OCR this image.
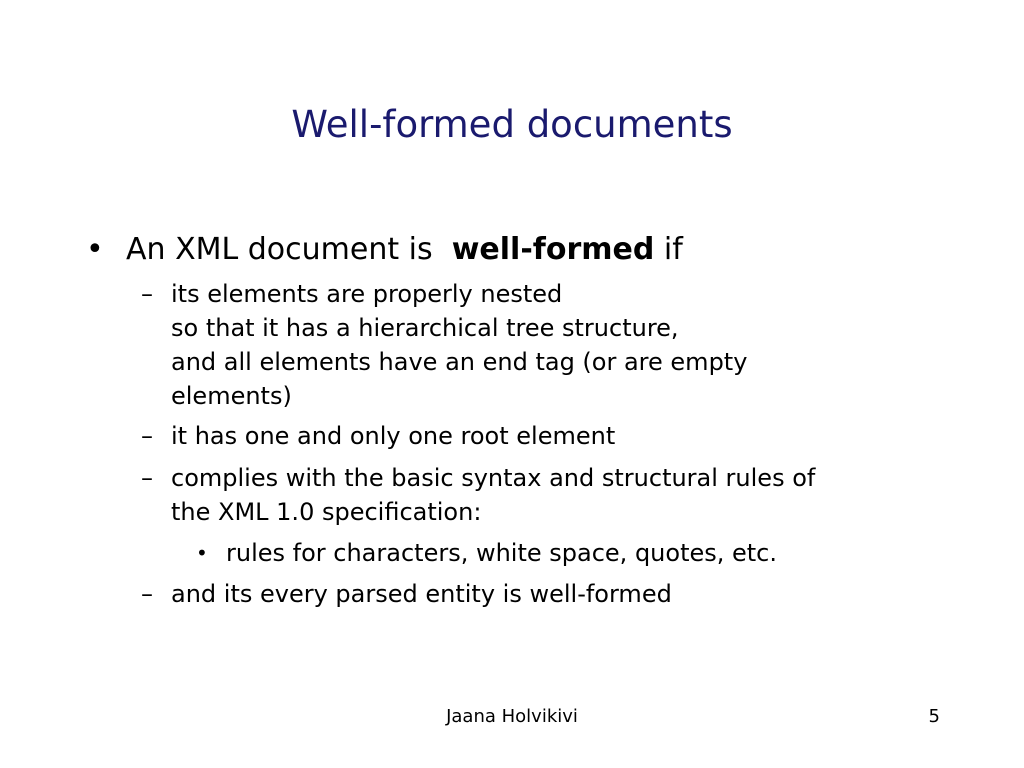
Well-formed documents
• An XML document is well-formed if
– its elements are properly nested
so that it has a hierarchical tree structure,
and all elements have an end tag (or are empty
elements)
– it has one and only one root element
– complies with the basic syntax and structural rules of
the XML 1.0 specification:
• rules for characters, white space, quotes, etc.
– and its every parsed entity is well-formed
Jaana Holvikivi	5
